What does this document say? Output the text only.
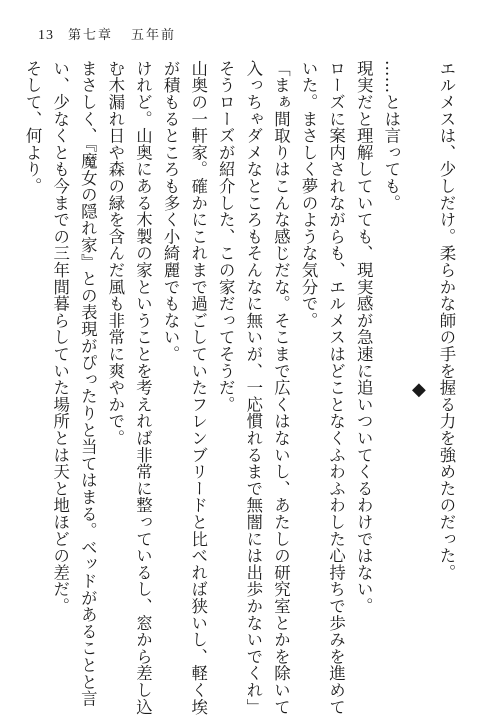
13 第七章 五年前
エルメスは、少しだけ。柔らかな師の手を握る力を強めたのだった。
◆
……とは言っても。
現実だと理解していても、現実感が急速に追いついてくるわけではない。
ローズに案内されながらも、エルメスはどことなくふわふわした心持ちで歩みを進めて
いた。まさしく夢のような気分で。
「まぁ間取りはこんな感じだな。そこまで広くはないし、あたしの研究室とかを除いて
入っちゃダメなところもそんなに無いが、一応慣れるまで無闇には出歩かないでくれ」
そうローズが紹介した、この家だってそうだ。
山奥の一軒家。確かにこれまで過ごしていたフレンブリードと比べれば狭いし、軽く埃
が積もるところも多く小綺麗でもない。
けれど。山奥にある木製の家ということを考えれば非常に整っているし、窓から差し込
む木漏れ日や森の緑を含んだ風も非常に爽やかで。
まさしく、『魔女の隠れ家』との表現がぴったりと当てはまる。ベッドがあることと言
い、少なくとも今までの三年間暮らしていた場所とは天と地ほどの差だ。
そして、何より。
